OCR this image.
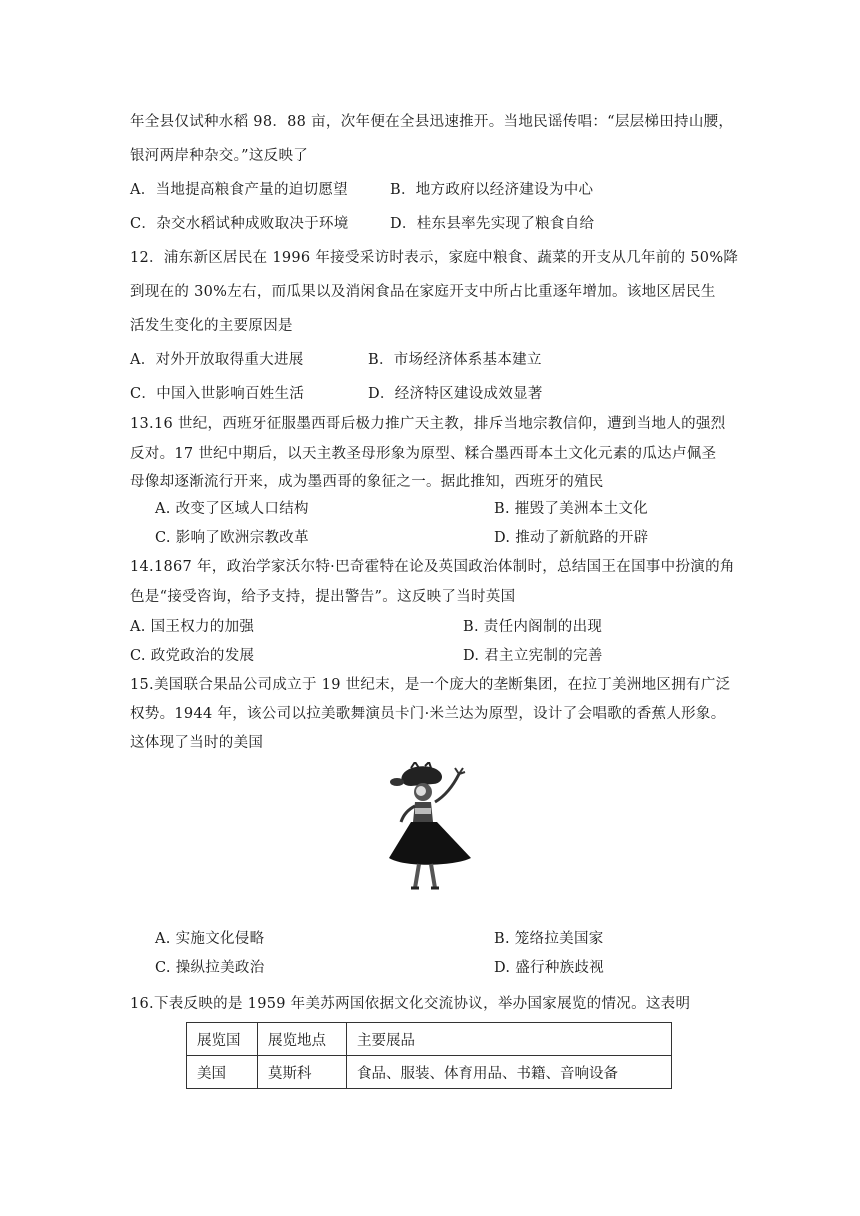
年全县仅试种水稻 98．88 亩，次年便在全县迅速推开。当地民谣传唱：“层层梯田持山腰，
银河两岸种杂交。”这反映了
A．当地提高粮食产量的迫切愿望	B．地方政府以经济建设为中心
C．杂交水稻试种成败取决于环境	D．桂东县率先实现了粮食自给
12．浦东新区居民在 1996 年接受采访时表示，家庭中粮食、蔬菜的开支从几年前的 50%降
到现在的 30%左右，而瓜果以及消闲食品在家庭开支中所占比重逐年增加。该地区居民生
活发生变化的主要原因是
A．对外开放取得重大进展	B．市场经济体系基本建立
C．中国入世影响百姓生活	D．经济特区建设成效显著
13.16 世纪，西班牙征服墨西哥后极力推广天主教，排斥当地宗教信仰，遭到当地人的强烈
反对。17 世纪中期后，以天主教圣母形象为原型、糅合墨西哥本土文化元素的瓜达卢佩圣
母像却逐渐流行开来，成为墨西哥的象征之一。据此推知，西班牙的殖民
A. 改变了区域人口结构	B. 摧毁了美洲本土文化
C. 影响了欧洲宗教改革	D. 推动了新航路的开辟
14.1867 年，政治学家沃尔特·巴奇霍特在论及英国政治体制时，总结国王在国事中扮演的角
色是“接受咨询，给予支持，提出警告”。这反映了当时英国
A. 国王权力的加强	B. 责任内阁制的出现
C. 政党政治的发展	D. 君主立宪制的完善
15.美国联合果品公司成立于 19 世纪末，是一个庞大的垄断集团，在拉丁美洲地区拥有广泛
权势。1944 年，该公司以拉美歌舞演员卡门·米兰达为原型，设计了会唱歌的香蕉人形象。
这体现了当时的美国
A. 实施文化侵略	B. 笼络拉美国家
C. 操纵拉美政治	D. 盛行种族歧视
16.下表反映的是 1959 年美苏两国依据文化交流协议，举办国家展览的情况。这表明
展览国	展览地点	主要展品
美国	莫斯科	食品、服装、体育用品、书籍、音响设备
